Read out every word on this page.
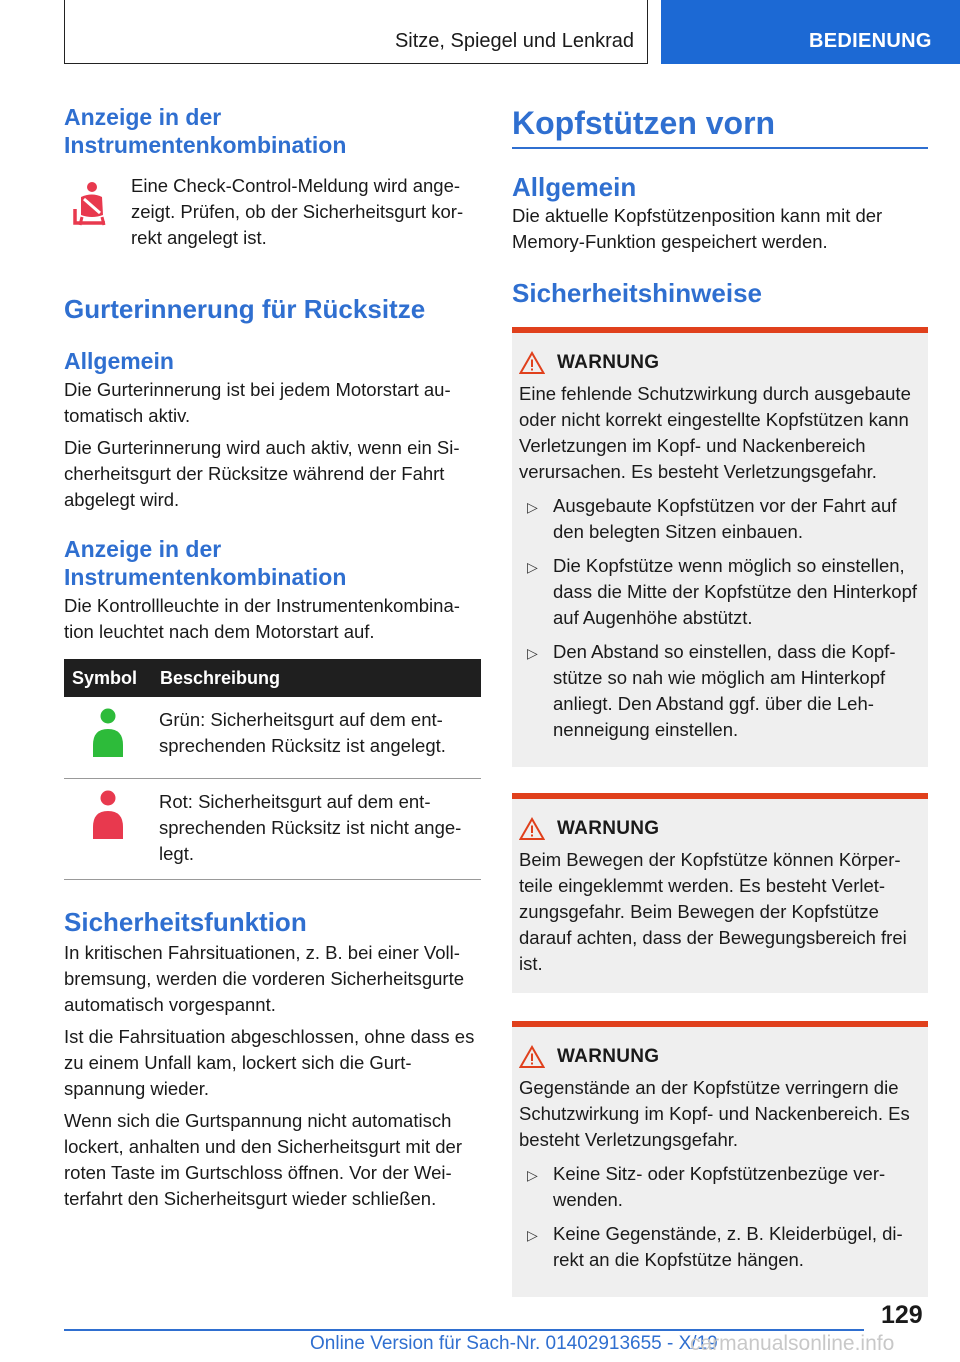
Sitze, Spiegel und Lenkrad	BEDIENUNG
Anzeige in der Instrumentenkombination

Eine Check-Control-Meldung wird angezeigt. Prüfen, ob der Sicherheitsgurt korrekt angelegt ist.

Gurterinnerung für Rücksitze
Allgemein

Die Gurterinnerung ist bei jedem Motorstart automatisch aktiv.

Die Gurterinnerung wird auch aktiv, wenn ein Sicherheitsgurt der Rücksitze während der Fahrt abgelegt wird.

Anzeige in der Instrumentenkombination

Die Kontrollleuchte in der Instrumentenkombination leuchtet nach dem Motorstart auf.

Symbol	Beschreibung
	Grün: Sicherheitsgurt auf dem entsprechenden Rücksitz ist angelegt.
	Rot: Sicherheitsgurt auf dem entsprechenden Rücksitz ist nicht angelegt.
Sicherheitsfunktion

In kritischen Fahrsituationen, z. B. bei einer Vollbremsung, werden die vorderen Sicherheitsgurte automatisch vorgespannt.

Ist die Fahrsituation abgeschlossen, ohne dass es zu einem Unfall kam, lockert sich die Gurtspannung wieder.

Wenn sich die Gurtspannung nicht automatisch lockert, anhalten und den Sicherheitsgurt mit der roten Taste im Gurtschloss öffnen. Vor der Weiterfahrt den Sicherheitsgurt wieder schließen.

Kopfstützen vorn
Allgemein

Die aktuelle Kopfstützenposition kann mit der Memory-Funktion gespeichert werden.

Sicherheitshinweise
WARNUNG

Eine fehlende Schutzwirkung durch ausgebaute oder nicht korrekt eingestellte Kopfstützen kann Verletzungen im Kopf- und Nackenbereich verursachen. Es besteht Verletzungsgefahr.

▷ Ausgebaute Kopfstützen vor der Fahrt auf den belegten Sitzen einbauen.
▷ Die Kopfstütze wenn möglich so einstellen, dass die Mitte der Kopfstütze den Hinterkopf auf Augenhöhe abstützt.
▷ Den Abstand so einstellen, dass die Kopfstütze so nah wie möglich am Hinterkopf anliegt. Den Abstand ggf. über die Lehnenneigung einstellen.
WARNUNG

Beim Bewegen der Kopfstütze können Körperteile eingeklemmt werden. Es besteht Verletzungsgefahr. Beim Bewegen der Kopfstütze darauf achten, dass der Bewegungsbereich frei ist.

WARNUNG

Gegenstände an der Kopfstütze verringern die Schutzwirkung im Kopf- und Nackenbereich. Es besteht Verletzungsgefahr.

▷ Keine Sitz- oder Kopfstützenbezüge verwenden.
▷ Keine Gegenstände, z. B. Kleiderbügel, direkt an die Kopfstütze hängen.
129
Online Version für Sach-Nr. 01402913655 - X/19
carmanualsonline.info
